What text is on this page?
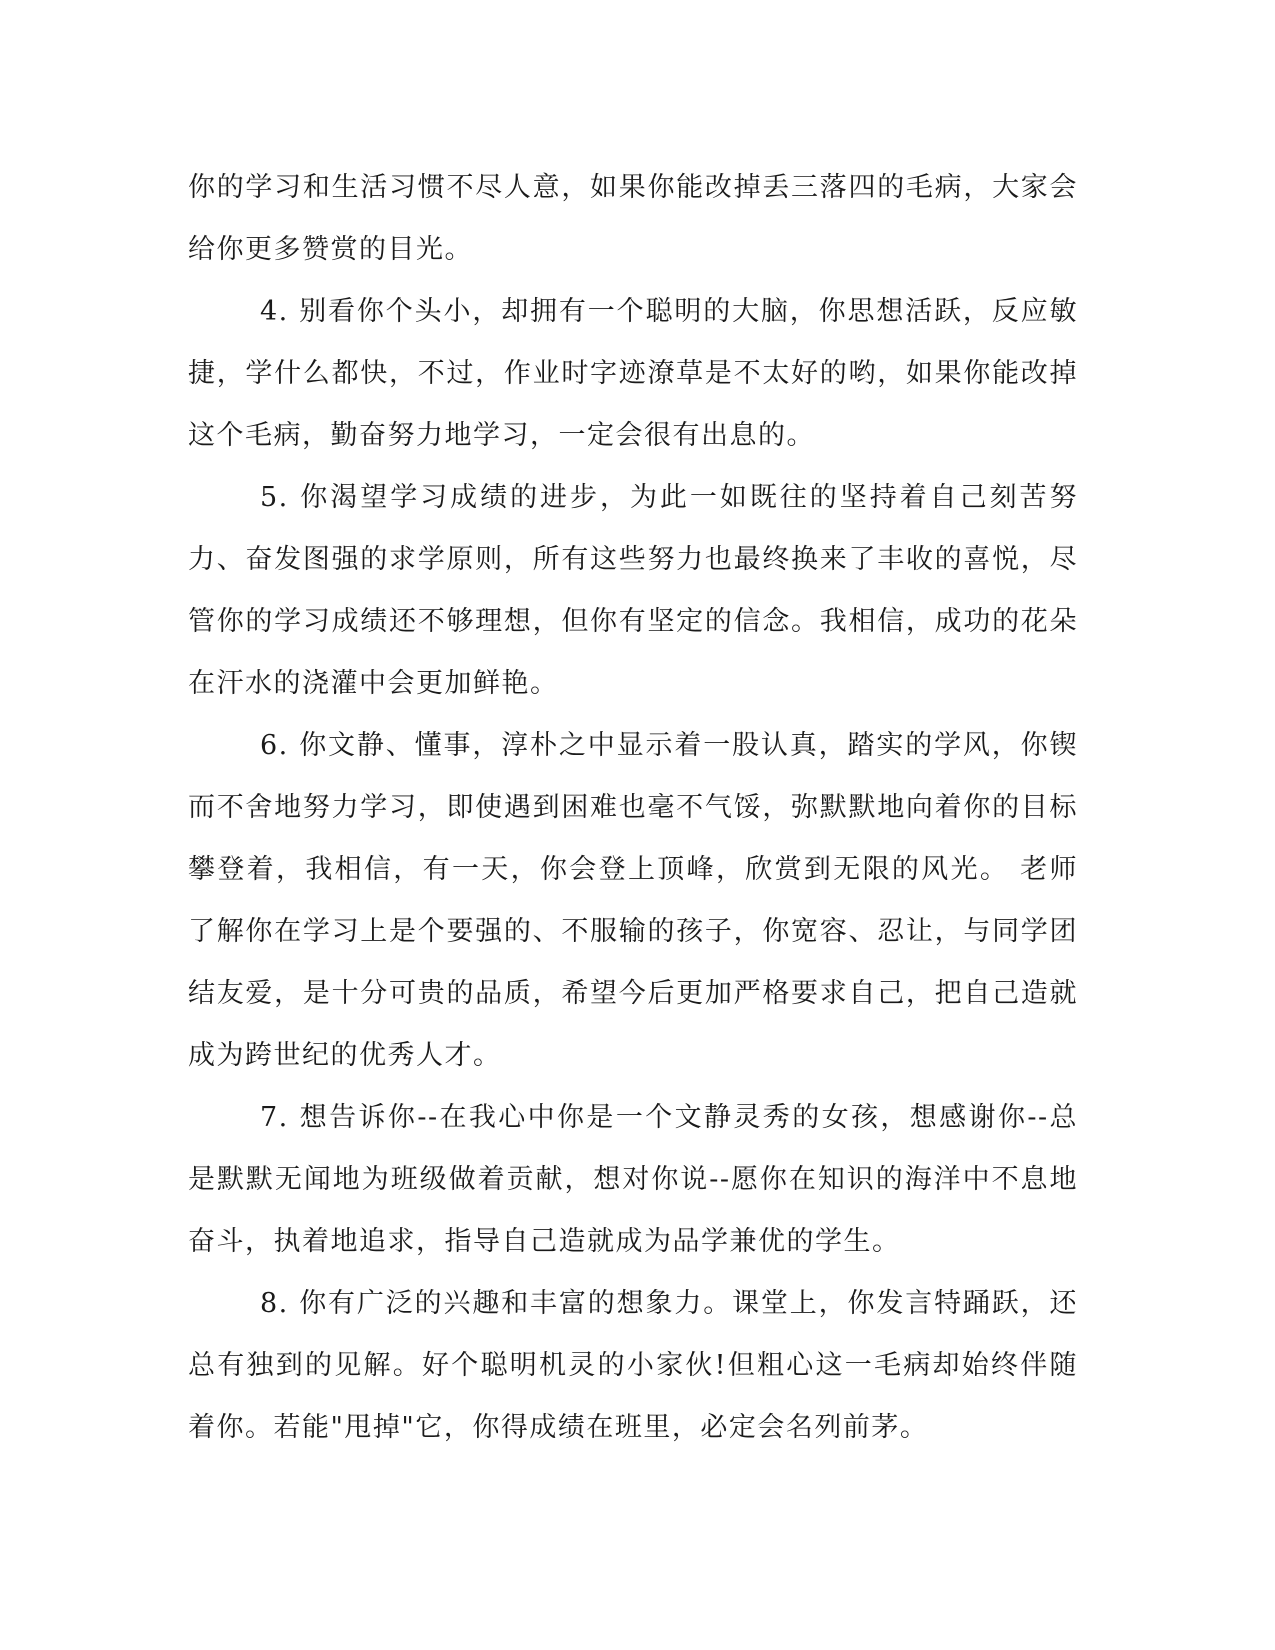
你的学习和生活习惯不尽人意，如果你能改掉丢三落四的毛病，大家会给你更多赞赏的目光。

4. 别看你个头小，却拥有一个聪明的大脑，你思想活跃，反应敏捷，学什么都快，不过，作业时字迹潦草是不太好的哟，如果你能改掉这个毛病，勤奋努力地学习，一定会很有出息的。

5. 你渴望学习成绩的进步，为此一如既往的坚持着自己刻苦努力、奋发图强的求学原则，所有这些努力也最终换来了丰收的喜悦，尽管你的学习成绩还不够理想，但你有坚定的信念。我相信，成功的花朵在汗水的浇灌中会更加鲜艳。

6. 你文静、懂事，淳朴之中显示着一股认真，踏实的学风，你锲而不舍地努力学习，即使遇到困难也毫不气馁，弥默默地向着你的目标攀登着，我相信，有一天，你会登上顶峰，欣赏到无限的风光。 老师了解你在学习上是个要强的、不服输的孩子，你宽容、忍让，与同学团结友爱，是十分可贵的品质，希望今后更加严格要求自己，把自己造就成为跨世纪的优秀人才。

7. 想告诉你--在我心中你是一个文静灵秀的女孩，想感谢你--总是默默无闻地为班级做着贡献，想对你说--愿你在知识的海洋中不息地奋斗，执着地追求，指导自己造就成为品学兼优的学生。

8. 你有广泛的兴趣和丰富的想象力。课堂上，你发言特踊跃，还总有独到的见解。好个聪明机灵的小家伙!但粗心这一毛病却始终伴随着你。若能"甩掉"它，你得成绩在班里，必定会名列前茅。
